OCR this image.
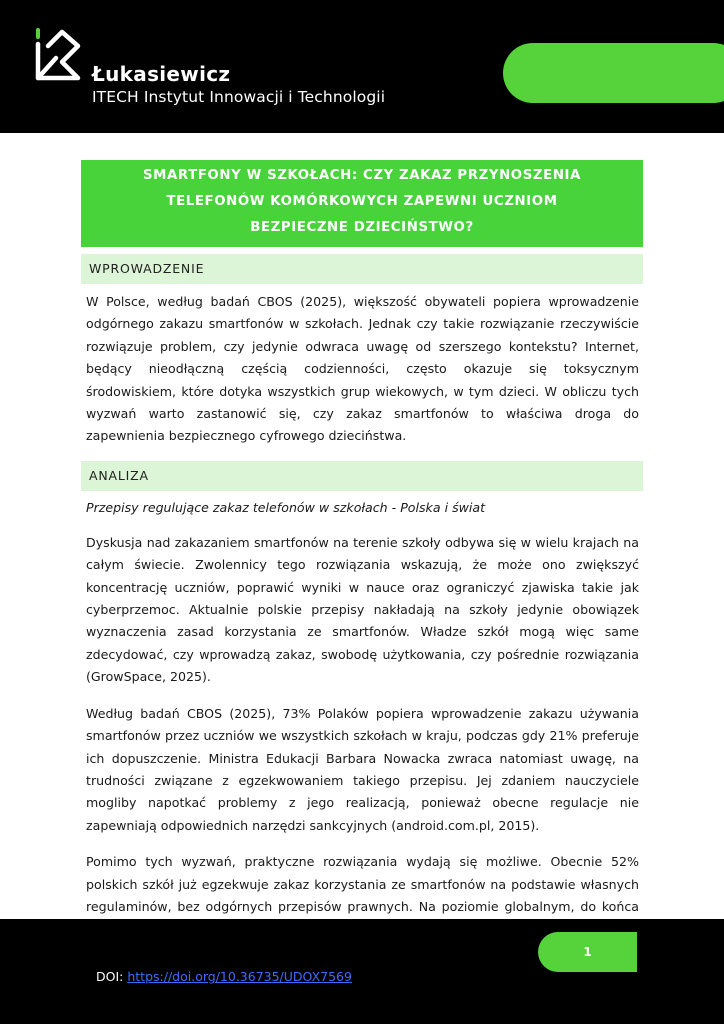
Łukasiewicz
ITECH Instytut Innowacji i Technologii
SMARTFONY W SZKOŁACH: CZY ZAKAZ PRZYNOSZENIA
TELEFONÓW KOMÓRKOWYCH ZAPEWNI UCZNIOM
BEZPIECZNE DZIECIŃSTWO?
WPROWADZENIE

W Polsce, według badań CBOS (2025), większość obywateli popiera wprowadzenie odgórnego zakazu smartfonów w szkołach. Jednak czy takie rozwiązanie rzeczywiście rozwiązuje problem, czy jedynie odwraca uwagę od szerszego kontekstu? Internet, będący nieodłączną częścią codzienności, często okazuje się toksycznym środowiskiem, które dotyka wszystkich grup wiekowych, w tym dzieci. W obliczu tych wyzwań warto zastanowić się, czy zakaz smartfonów to właściwa droga do zapewnienia bezpiecznego cyfrowego dzieciństwa.

ANALIZA

Przepisy regulujące zakaz telefonów w szkołach - Polska i świat

Dyskusja nad zakazaniem smartfonów na terenie szkoły odbywa się w wielu krajach na całym świecie. Zwolennicy tego rozwiązania wskazują, że może ono zwiększyć koncentrację uczniów, poprawić wyniki w nauce oraz ograniczyć zjawiska takie jak cyberprzemoc. Aktualnie polskie przepisy nakładają na szkoły jedynie obowiązek wyznaczenia zasad korzystania ze smartfonów. Władze szkół mogą więc same zdecydować, czy wprowadzą zakaz, swobodę użytkowania, czy pośrednie rozwiązania (GrowSpace, 2025).

Według badań CBOS (2025), 73% Polaków popiera wprowadzenie zakazu używania smartfonów przez uczniów we wszystkich szkołach w kraju, podczas gdy 21% preferuje ich dopuszczenie. Ministra Edukacji Barbara Nowacka zwraca natomiast uwagę, na trudności związane z egzekwowaniem takiego przepisu. Jej zdaniem nauczyciele mogliby napotkać problemy z jego realizacją, ponieważ obecne regulacje nie zapewniają odpowiednich narzędzi sankcyjnych (android.com.pl, 2015).

Pomimo tych wyzwań, praktyczne rozwiązania wydają się możliwe. Obecnie 52% polskich szkół już egzekwuje zakaz korzystania ze smartfonów na podstawie własnych regulaminów, bez odgórnych przepisów prawnych. Na poziomie globalnym, do końca

1
DOI: https://doi.org/10.36735/UDOX7569
